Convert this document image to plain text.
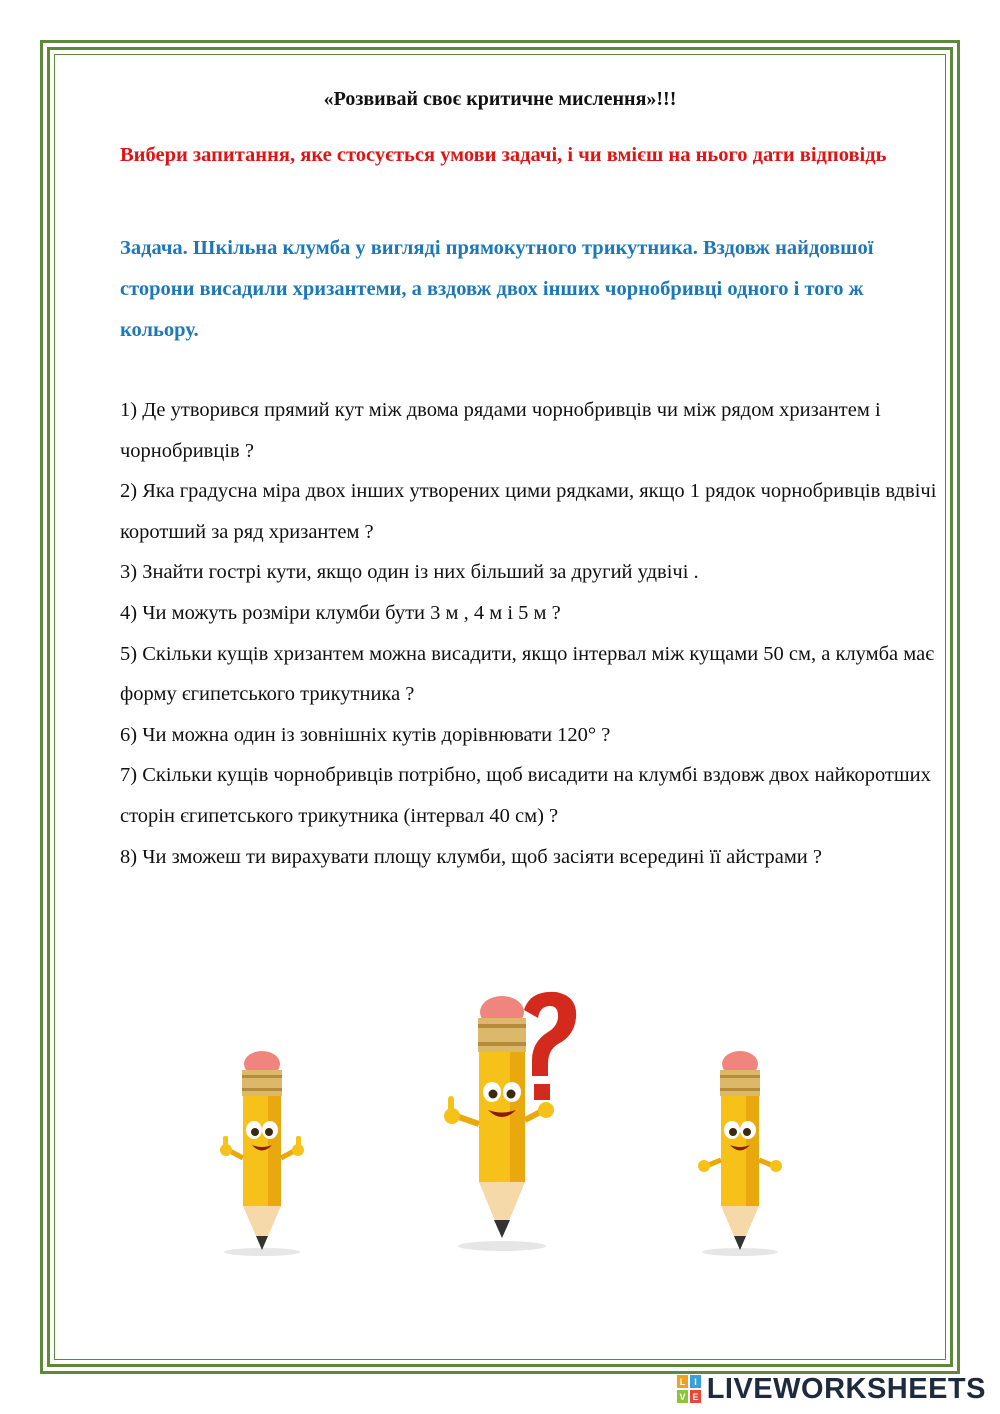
«Розвивай своє критичне мислення»!!!
Вибери запитання, яке стосується умови задачі, і чи вмієш на нього дати відповідь
Задача. Шкільна клумба у вигляді прямокутного трикутника. Вздовж найдовшої сторони висадили хризантеми, а вздовж двох інших чорнобривці одного і того ж кольору.
1) Де утворився прямий кут між двома рядами чорнобривців чи між рядом хризантем і чорнобривців ?
2) Яка градусна міра двох інших утворених цими рядками, якщо 1 рядок чорнобривців вдвічі коротший за ряд хризантем ?
3) Знайти гострі кути, якщо один із них більший за другий удвічі .
4) Чи можуть розміри клумби бути 3 м , 4 м і 5 м ?
5) Скільки кущів хризантем можна висадити, якщо інтервал між кущами 50 см, а клумба має форму єгипетського трикутника ?
6) Чи можна один із зовнішніх кутів дорівнювати 120° ?
7) Скільки кущів чорнобривців потрібно, щоб висадити на клумбі вздовж двох найкоротших сторін єгипетського трикутника (інтервал 40 см) ?
8) Чи зможеш ти вирахувати площу клумби, щоб засіяти всередині її айстрами ?
L I
V E LIVEWORKSHEETS
